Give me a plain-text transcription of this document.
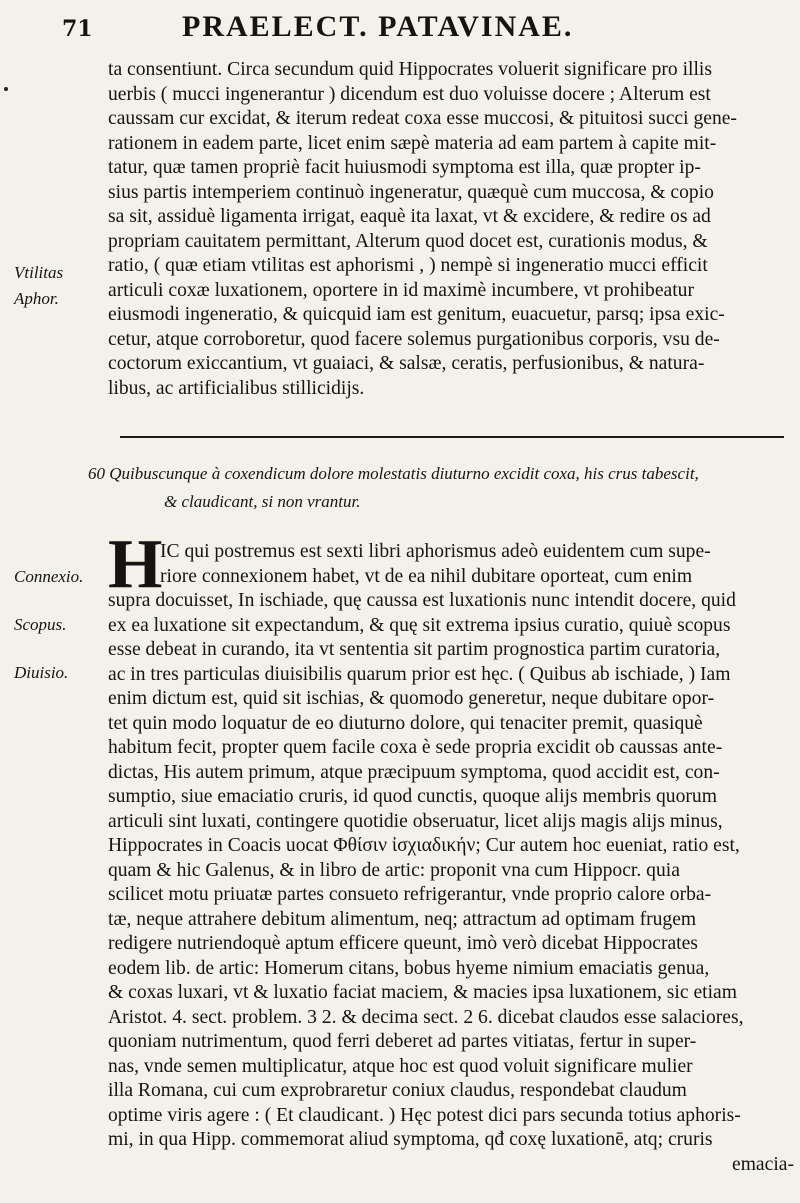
71	PRAELECT. PATAVINAE.
ta consentiunt. Circa secundum quid Hippocrates voluerit significare pro illis
uerbis ( mucci ingenerantur ) dicendum est duo voluisse docere ; Alterum est
caussam cur excidat, & iterum redeat coxa esse muccosi, & pituitosi succi gene-
rationem in eadem parte, licet enim sæpè materia ad eam partem à capite mit-
tatur, quæ tamen propriè facit huiusmodi symptoma est illa, quæ propter ip-
sius partis intemperiem continuò ingeneratur, quæquè cum muccosa, & copio
sa sit, assiduè ligamenta irrigat, eaquè ita laxat, vt & excidere, & redire os ad
propriam cauitatem permittant, Alterum quod docet est, curationis modus, &
ratio, ( quæ etiam vtilitas est aphorismi , ) nempè si ingeneratio mucci efficit
articuli coxæ luxationem, oportere in id maximè incumbere, vt prohibeatur
eiusmodi ingeneratio, & quicquid iam est genitum, euacuetur, parsq; ipsa exic-
cetur, atque corroboretur, quod facere solemus purgationibus corporis, vsu de-
coctorum exiccantium, vt guaiaci, & salsæ, ceratis, perfusionibus, & natura-
libus, ac artificialibus stillicidijs.
60 Quibuscunque à coxendicum dolore molestatis diuturno excidit coxa, his crus tabescit,
& claudicant, si non vrantur.
H
IC qui postremus est sexti libri aphorismus adeò euidentem cum supe-
riore connexionem habet, vt de ea nihil dubitare oporteat, cum enim
supra docuisset, In ischiade, quę caussa est luxationis nunc intendit docere, quid
ex ea luxatione sit expectandum, & quę sit extrema ipsius curatio, quiuè scopus
esse debeat in curando, ita vt sententia sit partim prognostica partim curatoria,
ac in tres particulas diuisibilis quarum prior est hęc. ( Quibus ab ischiade, ) Iam
enim dictum est, quid sit ischias, & quomodo generetur, neque dubitare opor-
tet quin modo loquatur de eo diuturno dolore, qui tenaciter premit, quasiquè
habitum fecit, propter quem facile coxa è sede propria excidit ob caussas ante-
dictas, His autem primum, atque præcipuum symptoma, quod accidit est, con-
sumptio, siue emaciatio cruris, id quod cunctis, quoque alijs membris quorum
articuli sint luxati, contingere quotidie obseruatur, licet alijs magis alijs minus,
Hippocrates in Coacis uocat Φθίσιν ἰσχιαδικήν; Cur autem hoc eueniat, ratio est,
quam & hic Galenus, & in libro de artic: proponit vna cum Hippocr. quia
scilicet motu priuatæ partes consueto refrigerantur, vnde proprio calore orba-
tæ, neque attrahere debitum alimentum, neq; attractum ad optimam frugem
redigere nutriendoquè aptum efficere queunt, imò verò dicebat Hippocrates
eodem lib. de artic: Homerum citans, bobus hyeme nimium emaciatis genua,
& coxas luxari, vt & luxatio faciat maciem, & macies ipsa luxationem, sic etiam
Aristot. 4. sect. problem. 3 2. & decima sect. 2 6. dicebat claudos esse salaciores,
quoniam nutrimentum, quod ferri deberet ad partes vitiatas, fertur in super-
nas, vnde semen multiplicatur, atque hoc est quod voluit significare mulier
illa Romana, cui cum exprobraretur coniux claudus, respondebat claudum
optime viris agere : ( Et claudicant. ) Hęc potest dici pars secunda totius aphoris-
mi, in qua Hipp. commemorat aliud symptoma, qđ coxę luxationē, atq; cruris
emacia-
Vtilitas
Aphor.
Connexio.
Scopus.
Diuisio.
